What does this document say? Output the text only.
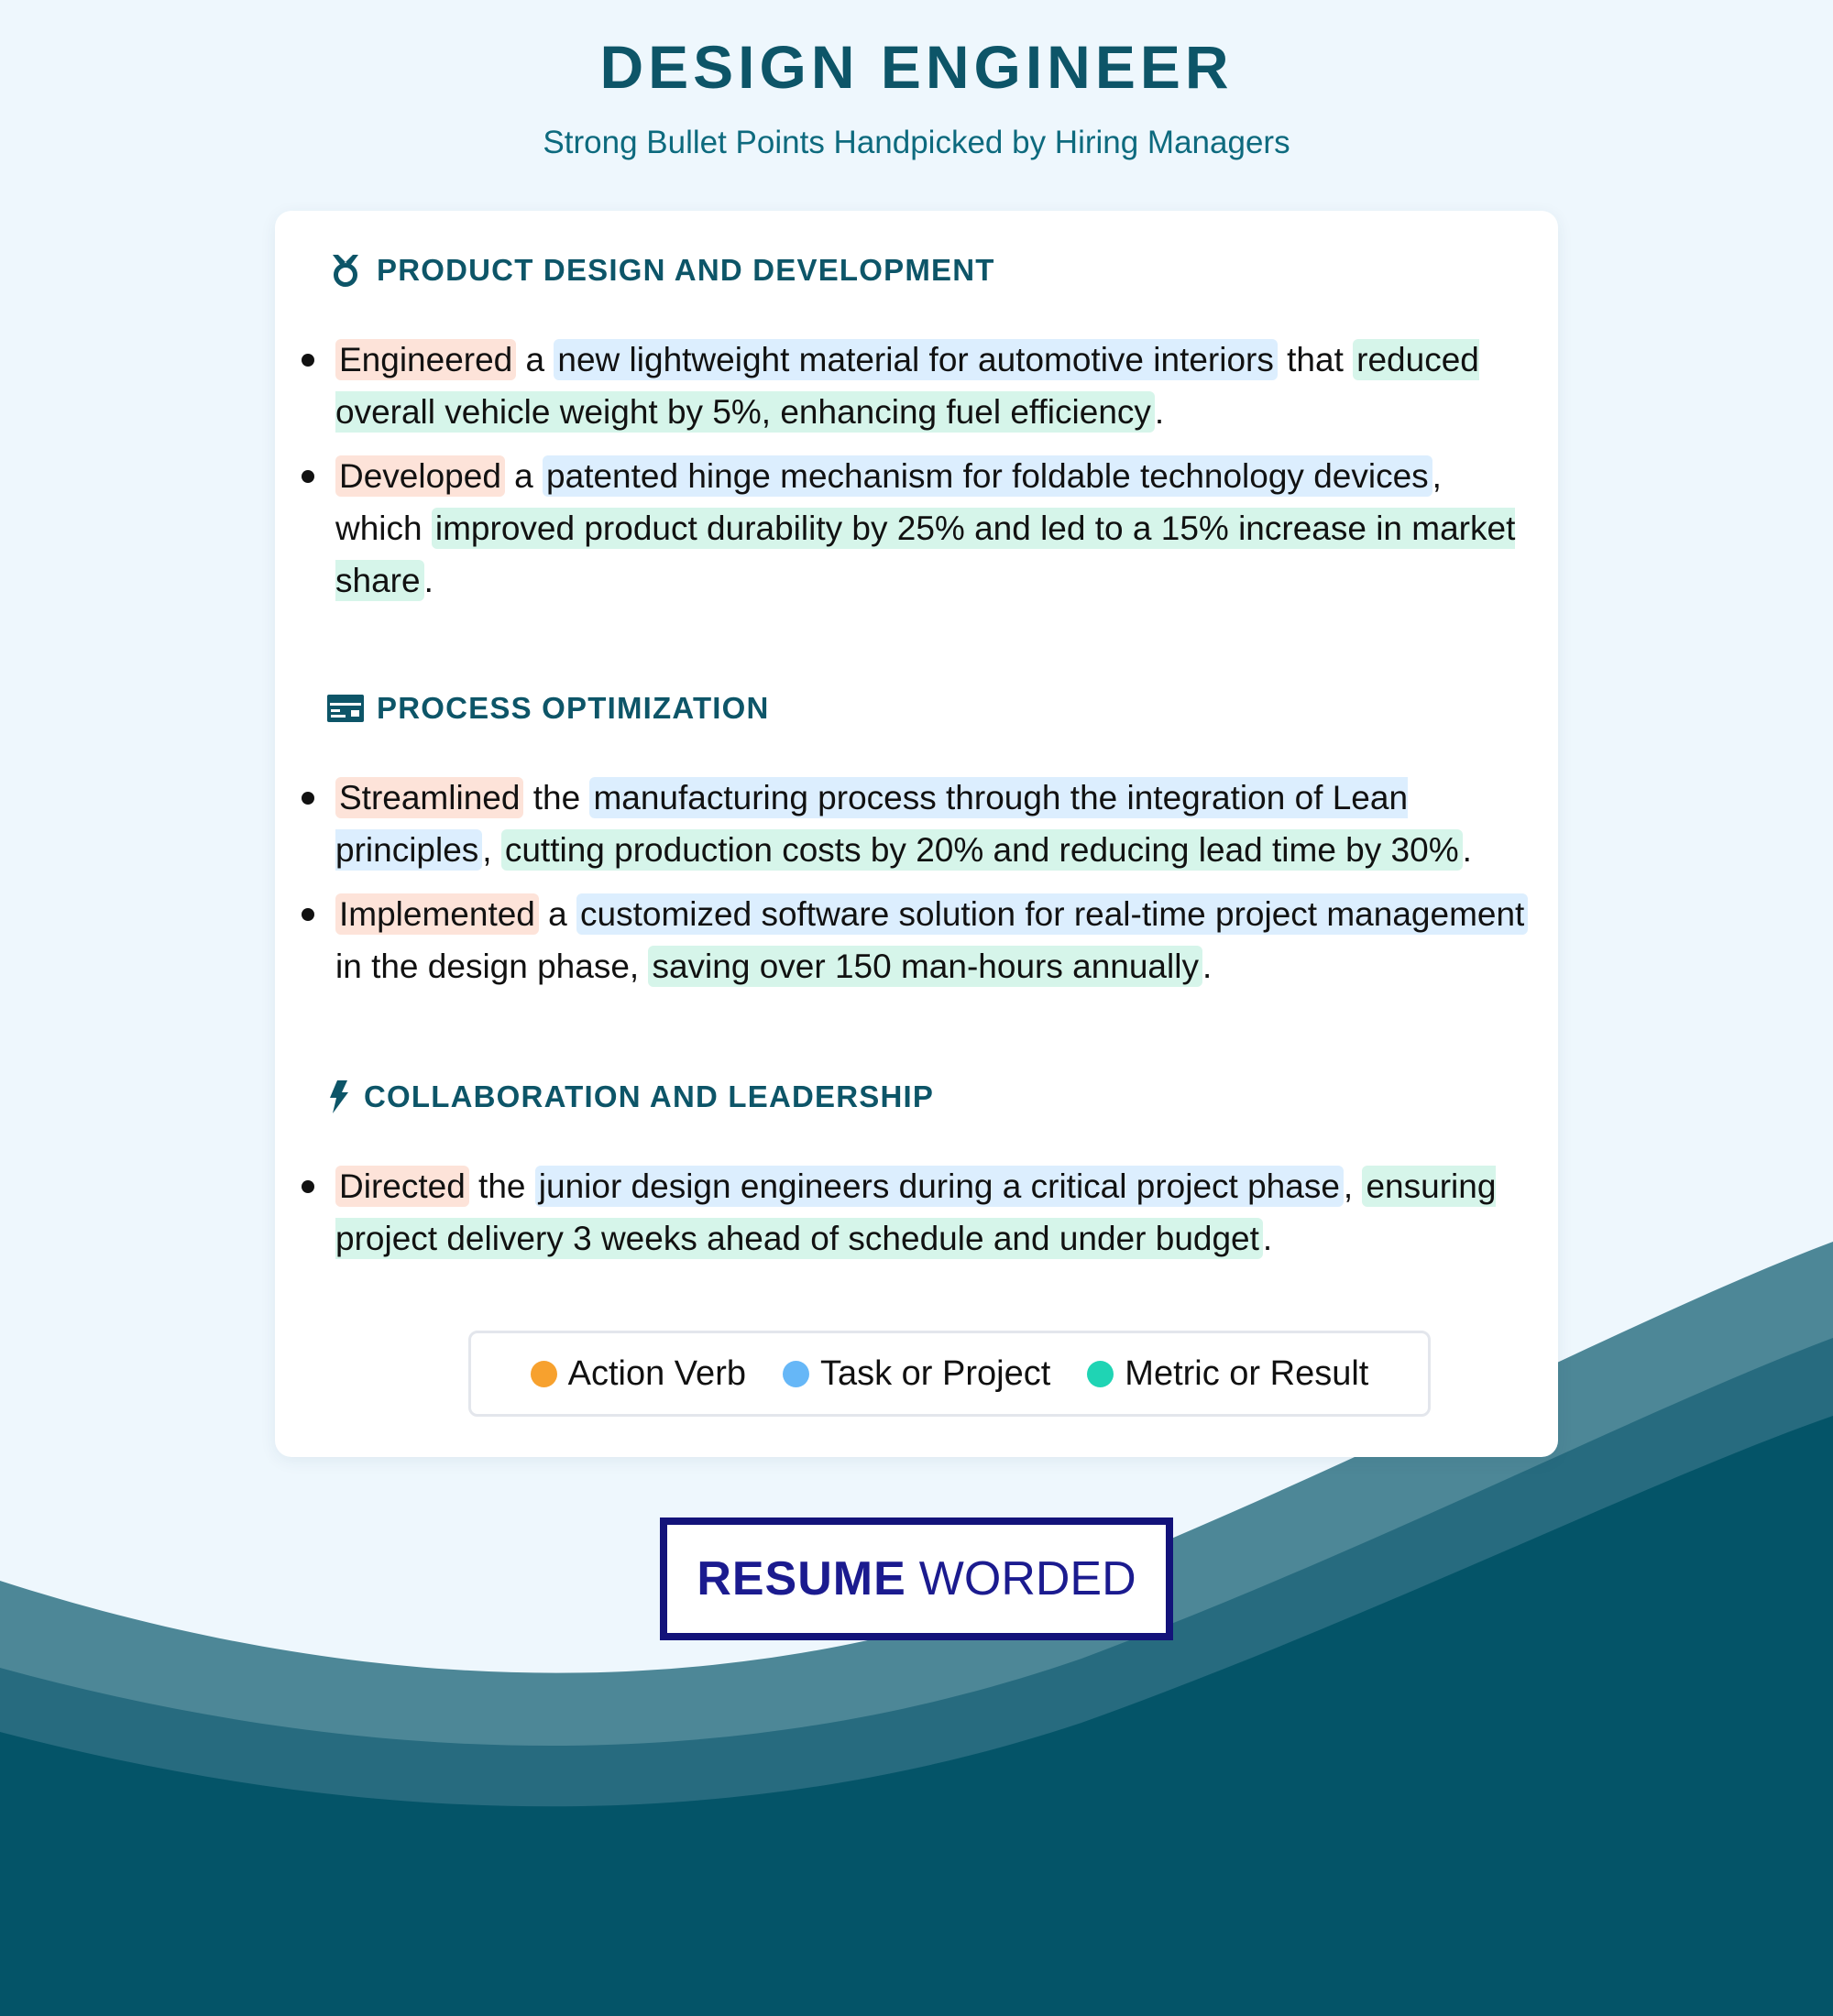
DESIGN ENGINEER
Strong Bullet Points Handpicked by Hiring Managers
PRODUCT DESIGN AND DEVELOPMENT
Engineered a new lightweight material for automotive interiors that reduced overall vehicle weight by 5%, enhancing fuel efficiency .
Developed a patented hinge mechanism for foldable technology devices , which improved product durability by 25% and led to a 15% increase in market share .
PROCESS OPTIMIZATION
Streamlined the manufacturing process through the integration of Lean principles , cutting production costs by 20% and reducing lead time by 30% .
Implemented a customized software solution for real-time project management in the design phase, saving over 150 man-hours annually .
COLLABORATION AND LEADERSHIP
Directed the junior design engineers during a critical project phase , ensuring project delivery 3 weeks ahead of schedule and under budget .
Action Verb Task or Project Metric or Result
RESUME WORDED
